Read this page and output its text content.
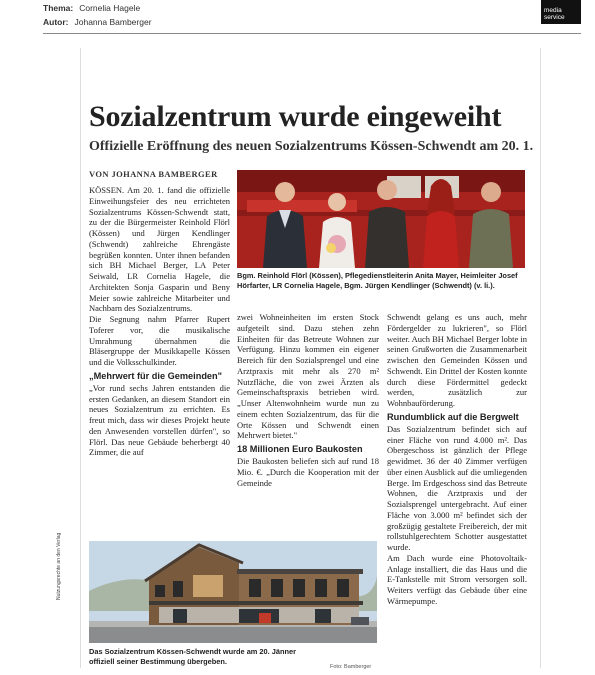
Thema: Cornelia Hagele
Autor: Johanna Bamberger
media service
Nutzungsrechte an den Verlag
Sozialzentrum wurde eingeweiht
Offizielle Eröffnung des neuen Sozialzentrums Kössen-Schwendt am 20. 1.
VON JOHANNA BAMBERGER

KÖSSEN. Am 20. 1. fand die offizielle Einweihungsfeier des neu errichteten Sozialzentrums Kössen-Schwendt statt, zu der die Bürgermeister Reinhold Flörl (Kössen) und Jürgen Kendlinger (Schwendt) zahlreiche Ehrengäste begrüßen konnten. Unter ihnen befanden sich BH Michael Berger, LA Peter Seiwald, LR Cornelia Hagele, die Architekten Sonja Gasparin und Beny Meier sowie zahlreiche Mitarbeiter und Nachbarn des Sozialzentrums.

Die Segnung nahm Pfarrer Rupert Toferer vor, die musikalische Umrahmung übernahmen die Bläsergruppe der Musikkapelle Kössen und die Volksschulkinder.

„Mehrwert für die Gemeinden"

„Vor rund sechs Jahren entstanden die ersten Gedanken, an diesem Standort ein neues Sozialzentrum zu errichten. Es freut mich, dass wir dieses Projekt heute den Anwesenden vorstellen dürfen", so Flörl. Das neue Gebäude beherbergt 40 Zimmer, die auf

Bgm. Reinhold Flörl (Kössen), Pflegedienstleiterin Anita Mayer, Heimleiter Josef Hörfarter, LR Cornelia Hagele, Bgm. Jürgen Kendlinger (Schwendt) (v. li.).

zwei Wohneinheiten im ersten Stock aufgeteilt sind. Dazu stehen zehn Einheiten für das Betreute Wohnen zur Verfügung. Hinzu kommen ein eigener Bereich für den Sozialsprengel und eine Arztpraxis mit mehr als 270 m² Nutzfläche, die von zwei Ärzten als Gemeinschaftspraxis betrieben wird. „Unser Altenwohnheim wurde nun zu einem echten Sozialzentrum, das für die Orte Kössen und Schwendt einen Mehrwert bietet."

18 Millionen Euro Baukosten

Die Baukosten beliefen sich auf rund 18 Mio. €. „Durch die Kooperation mit der Gemeinde

Schwendt gelang es uns auch, mehr Fördergelder zu lukrieren", so Flörl weiter. Auch BH Michael Berger lobte in seinen Grußworten die Zusammenarbeit zwischen den Gemeinden Kössen und Schwendt. Ein Drittel der Kosten konnte durch diese Fördermittel gedeckt werden, zusätzlich zur Wohnbauförderung.

Rundumblick auf die Bergwelt

Das Sozialzentrum befindet sich auf einer Fläche von rund 4.000 m². Das Obergeschoss ist gänzlich der Pflege gewidmet. 36 der 40 Zimmer verfügen über einen Ausblick auf die umliegenden Berge. Im Erdgeschoss sind das Betreute Wohnen, die Arztpraxis und der Sozialsprengel untergebracht. Auf einer Fläche von 3.000 m² befindet sich der großzügig gestaltete Freibereich, der mit rollstuhlgerechtem Schotter ausgestattet wurde.

Am Dach wurde eine Photovoltaik-Anlage installiert, die das Haus und die E-Tankstelle mit Strom versorgen soll. Weiters verfügt das Gebäude über eine Wärmepumpe.

Das Sozialzentrum Kössen-Schwendt wurde am 20. Jänner offiziell seiner Bestimmung übergeben.
Foto: Bamberger
